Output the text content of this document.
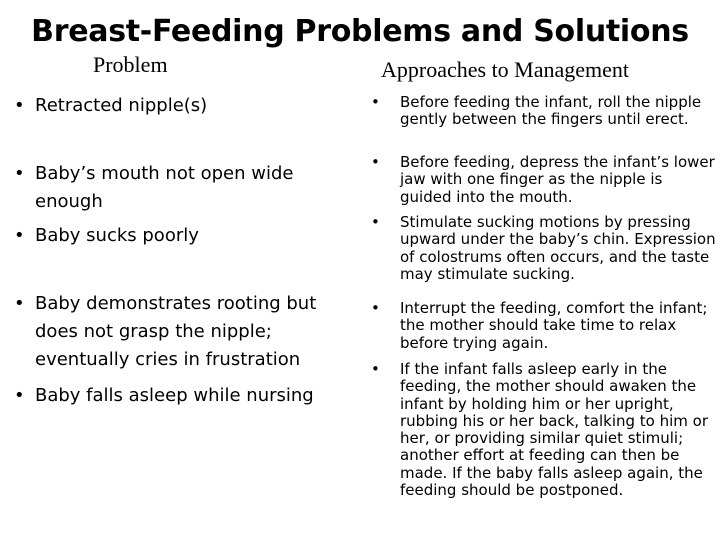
Breast-Feeding Problems and Solutions
Problem	Approaches to Management
• Retracted nipple(s)
• Baby’s mouth not open wide enough
• Baby sucks poorly
• Baby demonstrates rooting but does not grasp the nipple; eventually cries in frustration
• Baby falls asleep while nursing
• Before feeding the infant, roll the nipple gently between the fingers until erect.
• Before feeding, depress the infant’s lower jaw with one finger as the nipple is guided into the mouth.
• Stimulate sucking motions by pressing upward under the baby’s chin. Expression of colostrums often occurs, and the taste may stimulate sucking.
• Interrupt the feeding, comfort the infant; the mother should take time to relax before trying again.
• If the infant falls asleep early in the feeding, the mother should awaken the infant by holding him or her upright, rubbing his or her back, talking to him or her, or providing similar quiet stimuli; another effort at feeding can then be made. If the baby falls asleep again, the feeding should be postponed.
